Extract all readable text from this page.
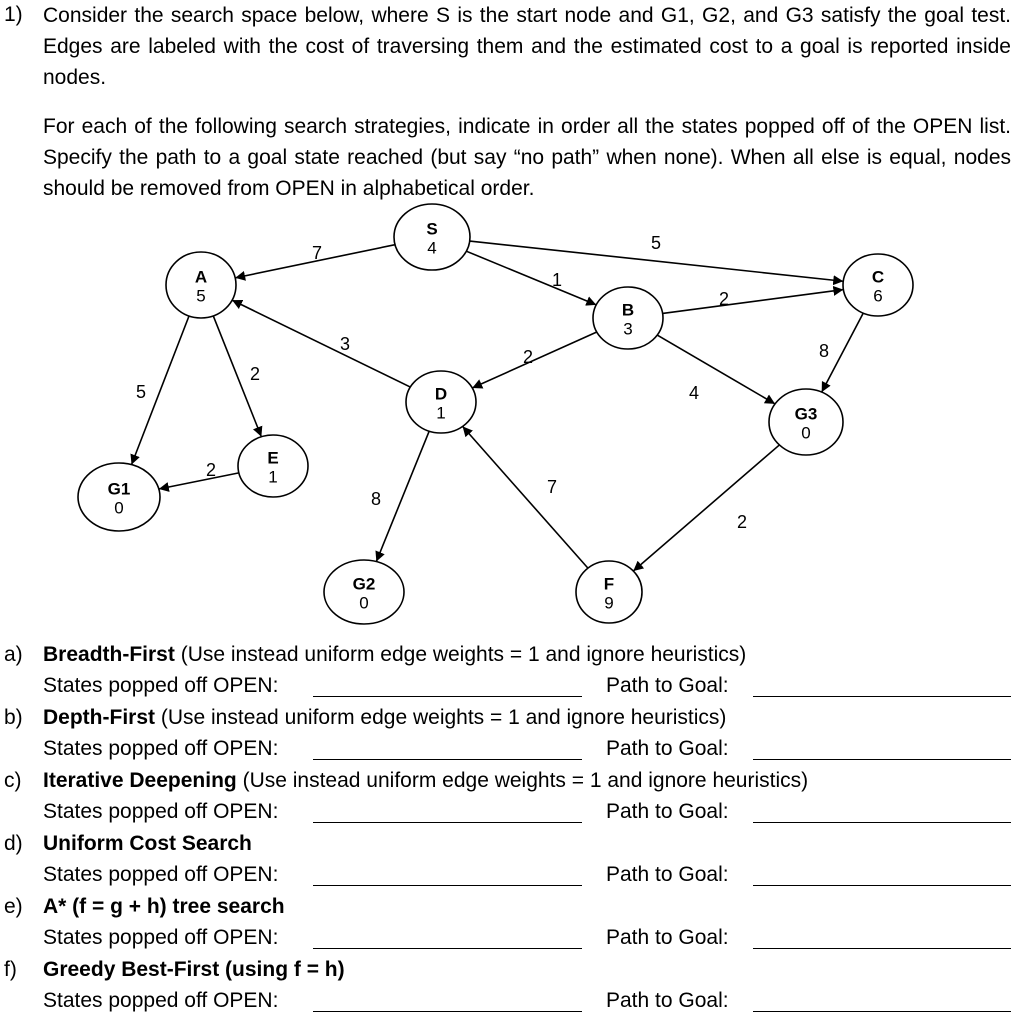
1) Consider the search space below, where S is the start node and G1, G2, and G3 satisfy the goal test. Edges are labeled with the cost of traversing them and the estimated cost to a goal is reported inside nodes.
For each of the following search strategies, indicate in order all the states popped off of the OPEN list. Specify the path to a goal state reached (but say “no path” when none). When all else is equal, nodes should be removed from OPEN in alphabetical order.
7
1
5
2
2
4
8
3
5
2
2
8
7
2
S
4
A
5
B
3
C
6
D
1
E
1
G1
0
G2
0
G3
0
F
9
a) Breadth-First (Use instead uniform edge weights = 1 and ignore heuristics)
States popped off OPEN:	Path to Goal:
b) Depth-First (Use instead uniform edge weights = 1 and ignore heuristics)
States popped off OPEN:	Path to Goal:
c) Iterative Deepening (Use instead uniform edge weights = 1 and ignore heuristics)
States popped off OPEN:	Path to Goal:
d) Uniform Cost Search
States popped off OPEN:	Path to Goal:
e) A* (f = g + h) tree search
States popped off OPEN:	Path to Goal:
f) Greedy Best-First (using f = h)
States popped off OPEN:	Path to Goal:
